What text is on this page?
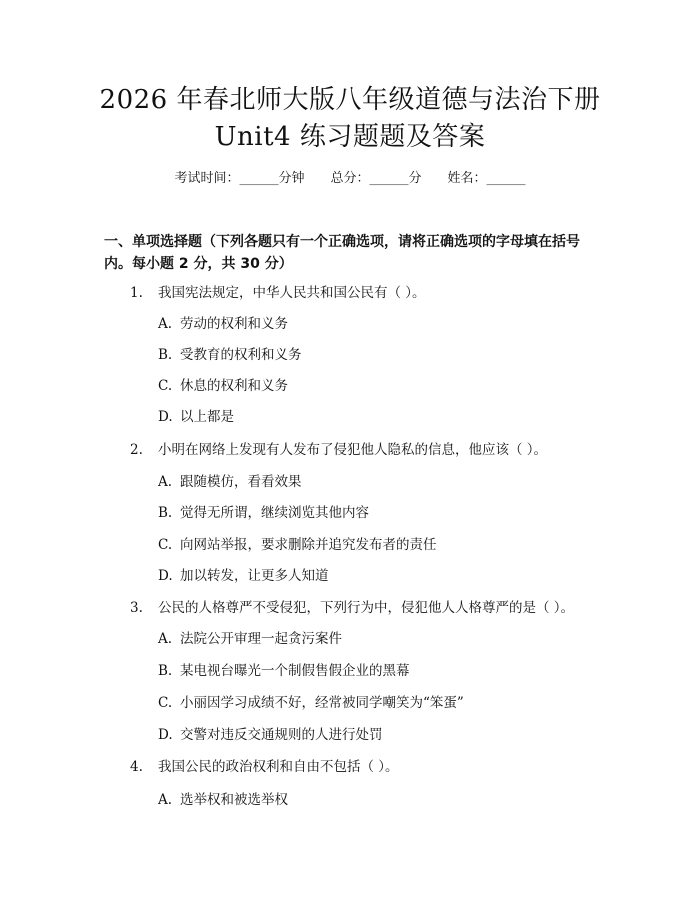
2026 年春北师大版八年级道德与法治下册
Unit4 练习题题及答案
考试时间：______分钟 总分：______分 姓名：______
一、单项选择题（下列各题只有一个正确选项，请将正确选项的字母填在括号
内。每小题 2 分，共 30 分）
1. 我国宪法规定，中华人民共和国公民有（ ）。
A. 劳动的权利和义务
B. 受教育的权利和义务
C. 休息的权利和义务
D. 以上都是
2. 小明在网络上发现有人发布了侵犯他人隐私的信息，他应该（ ）。
A. 跟随模仿，看看效果
B. 觉得无所谓，继续浏览其他内容
C. 向网站举报，要求删除并追究发布者的责任
D. 加以转发，让更多人知道
3. 公民的人格尊严不受侵犯，下列行为中，侵犯他人人格尊严的是（ ）。
A. 法院公开审理一起贪污案件
B. 某电视台曝光一个制假售假企业的黑幕
C. 小丽因学习成绩不好，经常被同学嘲笑为“笨蛋”
D. 交警对违反交通规则的人进行处罚
4. 我国公民的政治权利和自由不包括（ ）。
A. 选举权和被选举权
